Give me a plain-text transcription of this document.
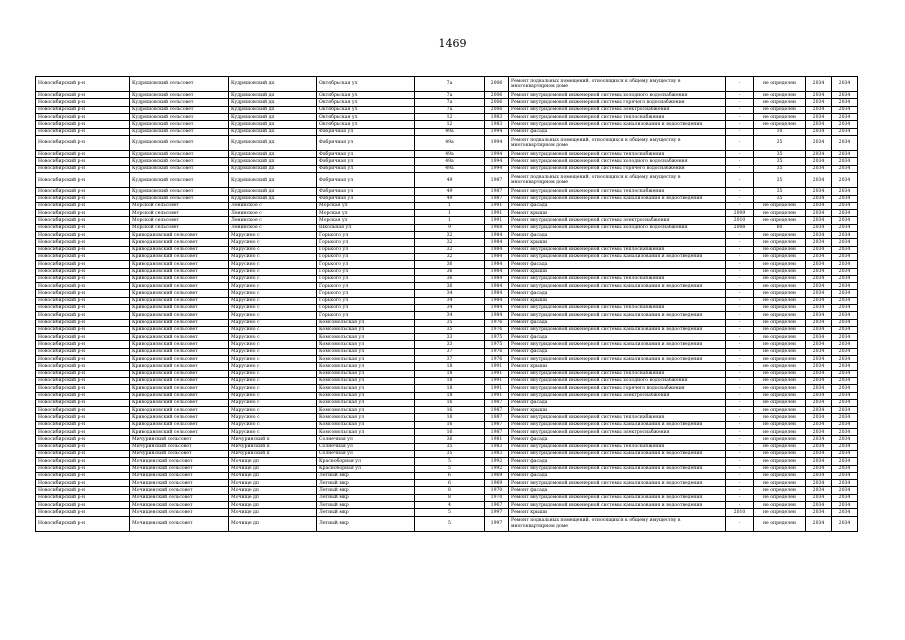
1469
Новосибирский р-н	Кудряшовский сельсовет	Кудряшовский дп	Октябрьская ул	7а	2006	Ремонт подвальных помещений, относящихся к общему имуществу в многоквартирном доме	-	не определен	2034	2034
Новосибирский р-н	Кудряшовский сельсовет	Кудряшовский дп	Октябрьская ул	7а	2006	Ремонт внутридомовой инженерной системы холодного водоснабжения	-	не определен	2034	2034
Новосибирский р-н	Кудряшовский сельсовет	Кудряшовский дп	Октябрьская ул	7а	2006	Ремонт внутридомовой инженерной системы горячего водоснабжения	-	не определен	2034	2034
Новосибирский р-н	Кудряшовский сельсовет	Кудряшовский дп	Октябрьская ул	7а	2006	Ремонт внутридомовой инженерной системы электроснабжения	-	не определен	2034	2034
Новосибирский р-н	Кудряшовский сельсовет	Кудряшовский дп	Октябрьская ул	12	1983	Ремонт внутридомовой инженерной системы теплоснабжения	-	не определен	2034	2034
Новосибирский р-н	Кудряшовский сельсовет	Кудряшовский дп	Октябрьская ул	12	1983	Ремонт внутридомовой инженерной системы канализования и водоотведения	-	не определен	2034	2034
Новосибирский р-н	Кудряшовский сельсовет	Кудряшовский дп	Фабричная ул	49а	1994	Ремонт фасада	-	10	2034	2034
Новосибирский р-н	Кудряшовский сельсовет	Кудряшовский дп	Фабричная ул	49а	1994	Ремонт подвальных помещений, относящихся к общему имуществу в многоквартирном доме	-	35	2034	2034
Новосибирский р-н	Кудряшовский сельсовет	Кудряшовский дп	Фабричная ул	49а	1994	Ремонт внутридомовой инженерной системы теплоснабжения	-	35	2034	2034
Новосибирский р-н	Кудряшовский сельсовет	Кудряшовский дп	Фабричная ул	49а	1994	Ремонт внутридомовой инженерной системы холодного водоснабжения	-	35	2034	2034
Новосибирский р-н	Кудряшовский сельсовет	Кудряшовский дп	Фабричная ул	49а	1994	Ремонт внутридомовой инженерной системы горячего водоснабжения	-	35	2034	2034
Новосибирский р-н	Кудряшовский сельсовет	Кудряшовский дп	Фабричная ул	49	1987	Ремонт подвальных помещений, относящихся к общему имуществу в многоквартирном доме	-	35	2034	2034
Новосибирский р-н	Кудряшовский сельсовет	Кудряшовский дп	Фабричная ул	49	1987	Ремонт внутридомовой инженерной системы теплоснабжения	-	35	2034	2034
Новосибирский р-н	Кудряшовский сельсовет	Кудряшовский дп	Фабричная ул	49	1987	Ремонт внутридомовой инженерной системы канализования и водоотведения	-	35	2034	2034
Новосибирский р-н	Морской сельсовет	Ленинское с	Морская ул	1	1991	Ремонт фасада	-	не определен	2034	2034
Новосибирский р-н	Морской сельсовет	Ленинское с	Морская ул	1	1991	Ремонт крыши	2009	не определен	2034	2034
Новосибирский р-н	Морской сельсовет	Ленинское с	Морская ул	1	1991	Ремонт внутридомовой инженерной системы электроснабжения	2010	не определен	2034	2034
Новосибирский р-н	Морской сельсовет	Ленинское с	Школьная ул	9	1968	Ремонт внутридомовой инженерной системы холодного водоснабжения	2008	60	2034	2034
Новосибирский р-н	Криводановский сельсовет	Марусино с	Горького ул	32	1984	Ремонт фасада	-	не определен	2034	2034
Новосибирский р-н	Криводановский сельсовет	Марусино с	Горького ул	32	1984	Ремонт крыши	-	не определен	2034	2034
Новосибирский р-н	Криводановский сельсовет	Марусино с	Горького ул	32	1984	Ремонт внутридомовой инженерной системы теплоснабжения	-	не определен	2034	2034
Новосибирский р-н	Криводановский сельсовет	Марусино с	Горького ул	32	1984	Ремонт внутридомовой инженерной системы канализования и водоотведения	-	не определен	2034	2034
Новосибирский р-н	Криводановский сельсовет	Марусино с	Горького ул	36	1984	Ремонт фасада	-	не определен	2034	2034
Новосибирский р-н	Криводановский сельсовет	Марусино с	Горького ул	36	1984	Ремонт крыши	-	не определен	2034	2034
Новосибирский р-н	Криводановский сельсовет	Марусино с	Горького ул	36	1984	Ремонт внутридомовой инженерной системы теплоснабжения	-	не определен	2034	2034
Новосибирский р-н	Криводановский сельсовет	Марусино с	Горького ул	36	1984	Ремонт внутридомовой инженерной системы канализования и водоотведения	-	не определен	2034	2034
Новосибирский р-н	Криводановский сельсовет	Марусино с	Горького ул	34	1984	Ремонт фасада	-	не определен	2034	2034
Новосибирский р-н	Криводановский сельсовет	Марусино с	Горького ул	34	1984	Ремонт крыши	-	не определен	2034	2034
Новосибирский р-н	Криводановский сельсовет	Марусино с	Горького ул	34	1984	Ремонт внутридомовой инженерной системы теплоснабжения	-	не определен	2034	2034
Новосибирский р-н	Криводановский сельсовет	Марусино с	Горького ул	34	1984	Ремонт внутридомовой инженерной системы канализования и водоотведения	-	не определен	2034	2034
Новосибирский р-н	Криводановский сельсовет	Марусино с	Комсомольская ул	35	1976	Ремонт фасада	-	не определен	2034	2034
Новосибирский р-н	Криводановский сельсовет	Марусино с	Комсомольская ул	35	1976	Ремонт внутридомовой инженерной системы канализования и водоотведения	-	не определен	2034	2034
Новосибирский р-н	Криводановский сельсовет	Марусино с	Комсомольская ул	33	1975	Ремонт фасада	-	не определен	2034	2034
Новосибирский р-н	Криводановский сельсовет	Марусино с	Комсомольская ул	33	1975	Ремонт внутридомовой инженерной системы канализования и водоотведения	-	не определен	2034	2034
Новосибирский р-н	Криводановский сельсовет	Марусино с	Комсомольская ул	37	1976	Ремонт фасада	-	не определен	2034	2034
Новосибирский р-н	Криводановский сельсовет	Марусино с	Комсомольская ул	37	1976	Ремонт внутридомовой инженерной системы канализования и водоотведения	-	не определен	2034	2034
Новосибирский р-н	Криводановский сельсовет	Марусино с	Комсомольская ул	18	1991	Ремонт крыши	-	не определен	2034	2034
Новосибирский р-н	Криводановский сельсовет	Марусино с	Комсомольская ул	18	1991	Ремонт внутридомовой инженерной системы теплоснабжения	-	не определен	2034	2034
Новосибирский р-н	Криводановский сельсовет	Марусино с	Комсомольская ул	18	1991	Ремонт внутридомовой инженерной системы холодного водоснабжения	-	не определен	2034	2034
Новосибирский р-н	Криводановский сельсовет	Марусино с	Комсомольская ул	18	1991	Ремонт внутридомовой инженерной системы горячего водоснабжения	-	не определен	2034	2034
Новосибирский р-н	Криводановский сельсовет	Марусино с	Комсомольская ул	18	1991	Ремонт внутридомовой инженерной системы электроснабжения	-	не определен	2034	2034
Новосибирский р-н	Криводановский сельсовет	Марусино с	Комсомольская ул	16	1987	Ремонт фасада	-	не определен	2034	2034
Новосибирский р-н	Криводановский сельсовет	Марусино с	Комсомольская ул	16	1987	Ремонт крыши	-	не определен	2034	2034
Новосибирский р-н	Криводановский сельсовет	Марусино с	Комсомольская ул	16	1987	Ремонт внутридомовой инженерной системы теплоснабжения	-	не определен	2034	2034
Новосибирский р-н	Криводановский сельсовет	Марусино с	Комсомольская ул	16	1987	Ремонт внутридомовой инженерной системы канализования и водоотведения	-	не определен	2034	2034
Новосибирский р-н	Криводановский сельсовет	Марусино с	Комсомольская ул	16	1987	Ремонт внутридомовой инженерной системы электроснабжения	-	не определен	2034	2034
Новосибирский р-н	Мичуринский сельсовет	Мичуринский п	Солнечная ул	36	1981	Ремонт фасада	-	не определен	2034	2034
Новосибирский р-н	Мичуринский сельсовет	Мичуринский п	Солнечная ул	35	1983	Ремонт внутридомовой инженерной системы теплоснабжения	-	не определен	2034	2034
Новосибирский р-н	Мичуринский сельсовет	Мичуринский п	Солнечная ул	35	1983	Ремонт внутридомовой инженерной системы канализования и водоотведения	-	не определен	2034	2034
Новосибирский р-н	Мочищенский сельсовет	Мочище дп	Красноборная ул	5	1992	Ремонт фасада	-	не определен	2034	2034
Новосибирский р-н	Мочищенский сельсовет	Мочище дп	Красноборная ул	5	1992	Ремонт внутридомовой инженерной системы канализования и водоотведения	-	не определен	2034	2034
Новосибирский р-н	Мочищенский сельсовет	Мочище дп	Летный мкр	6	1969	Ремонт фасада	-	не определен	2034	2034
Новосибирский р-н	Мочищенский сельсовет	Мочище дп	Летный мкр	6	1969	Ремонт внутридомовой инженерной системы канализования и водоотведения	-	не определен	2034	2034
Новосибирский р-н	Мочищенский сельсовет	Мочище дп	Летный мкр	8	1970	Ремонт фасада	-	не определен	2034	2034
Новосибирский р-н	Мочищенский сельсовет	Мочище дп	Летный мкр	8	1970	Ремонт внутридомовой инженерной системы канализования и водоотведения	-	не определен	2034	2034
Новосибирский р-н	Мочищенский сельсовет	Мочище дп	Летный мкр	4	1967	Ремонт внутридомовой инженерной системы канализования и водоотведения	-	не определен	2034	2034
Новосибирский р-н	Мочищенский сельсовет	Мочище дп	Летный мкр	5	1997	Ремонт крыши	2010	не определен	2034	2034
Новосибирский р-н	Мочищенский сельсовет	Мочище дп	Летный мкр	5	1997	Ремонт подвальных помещений, относящихся к общему имуществу в многоквартирном доме	-	не определен	2034	2034
